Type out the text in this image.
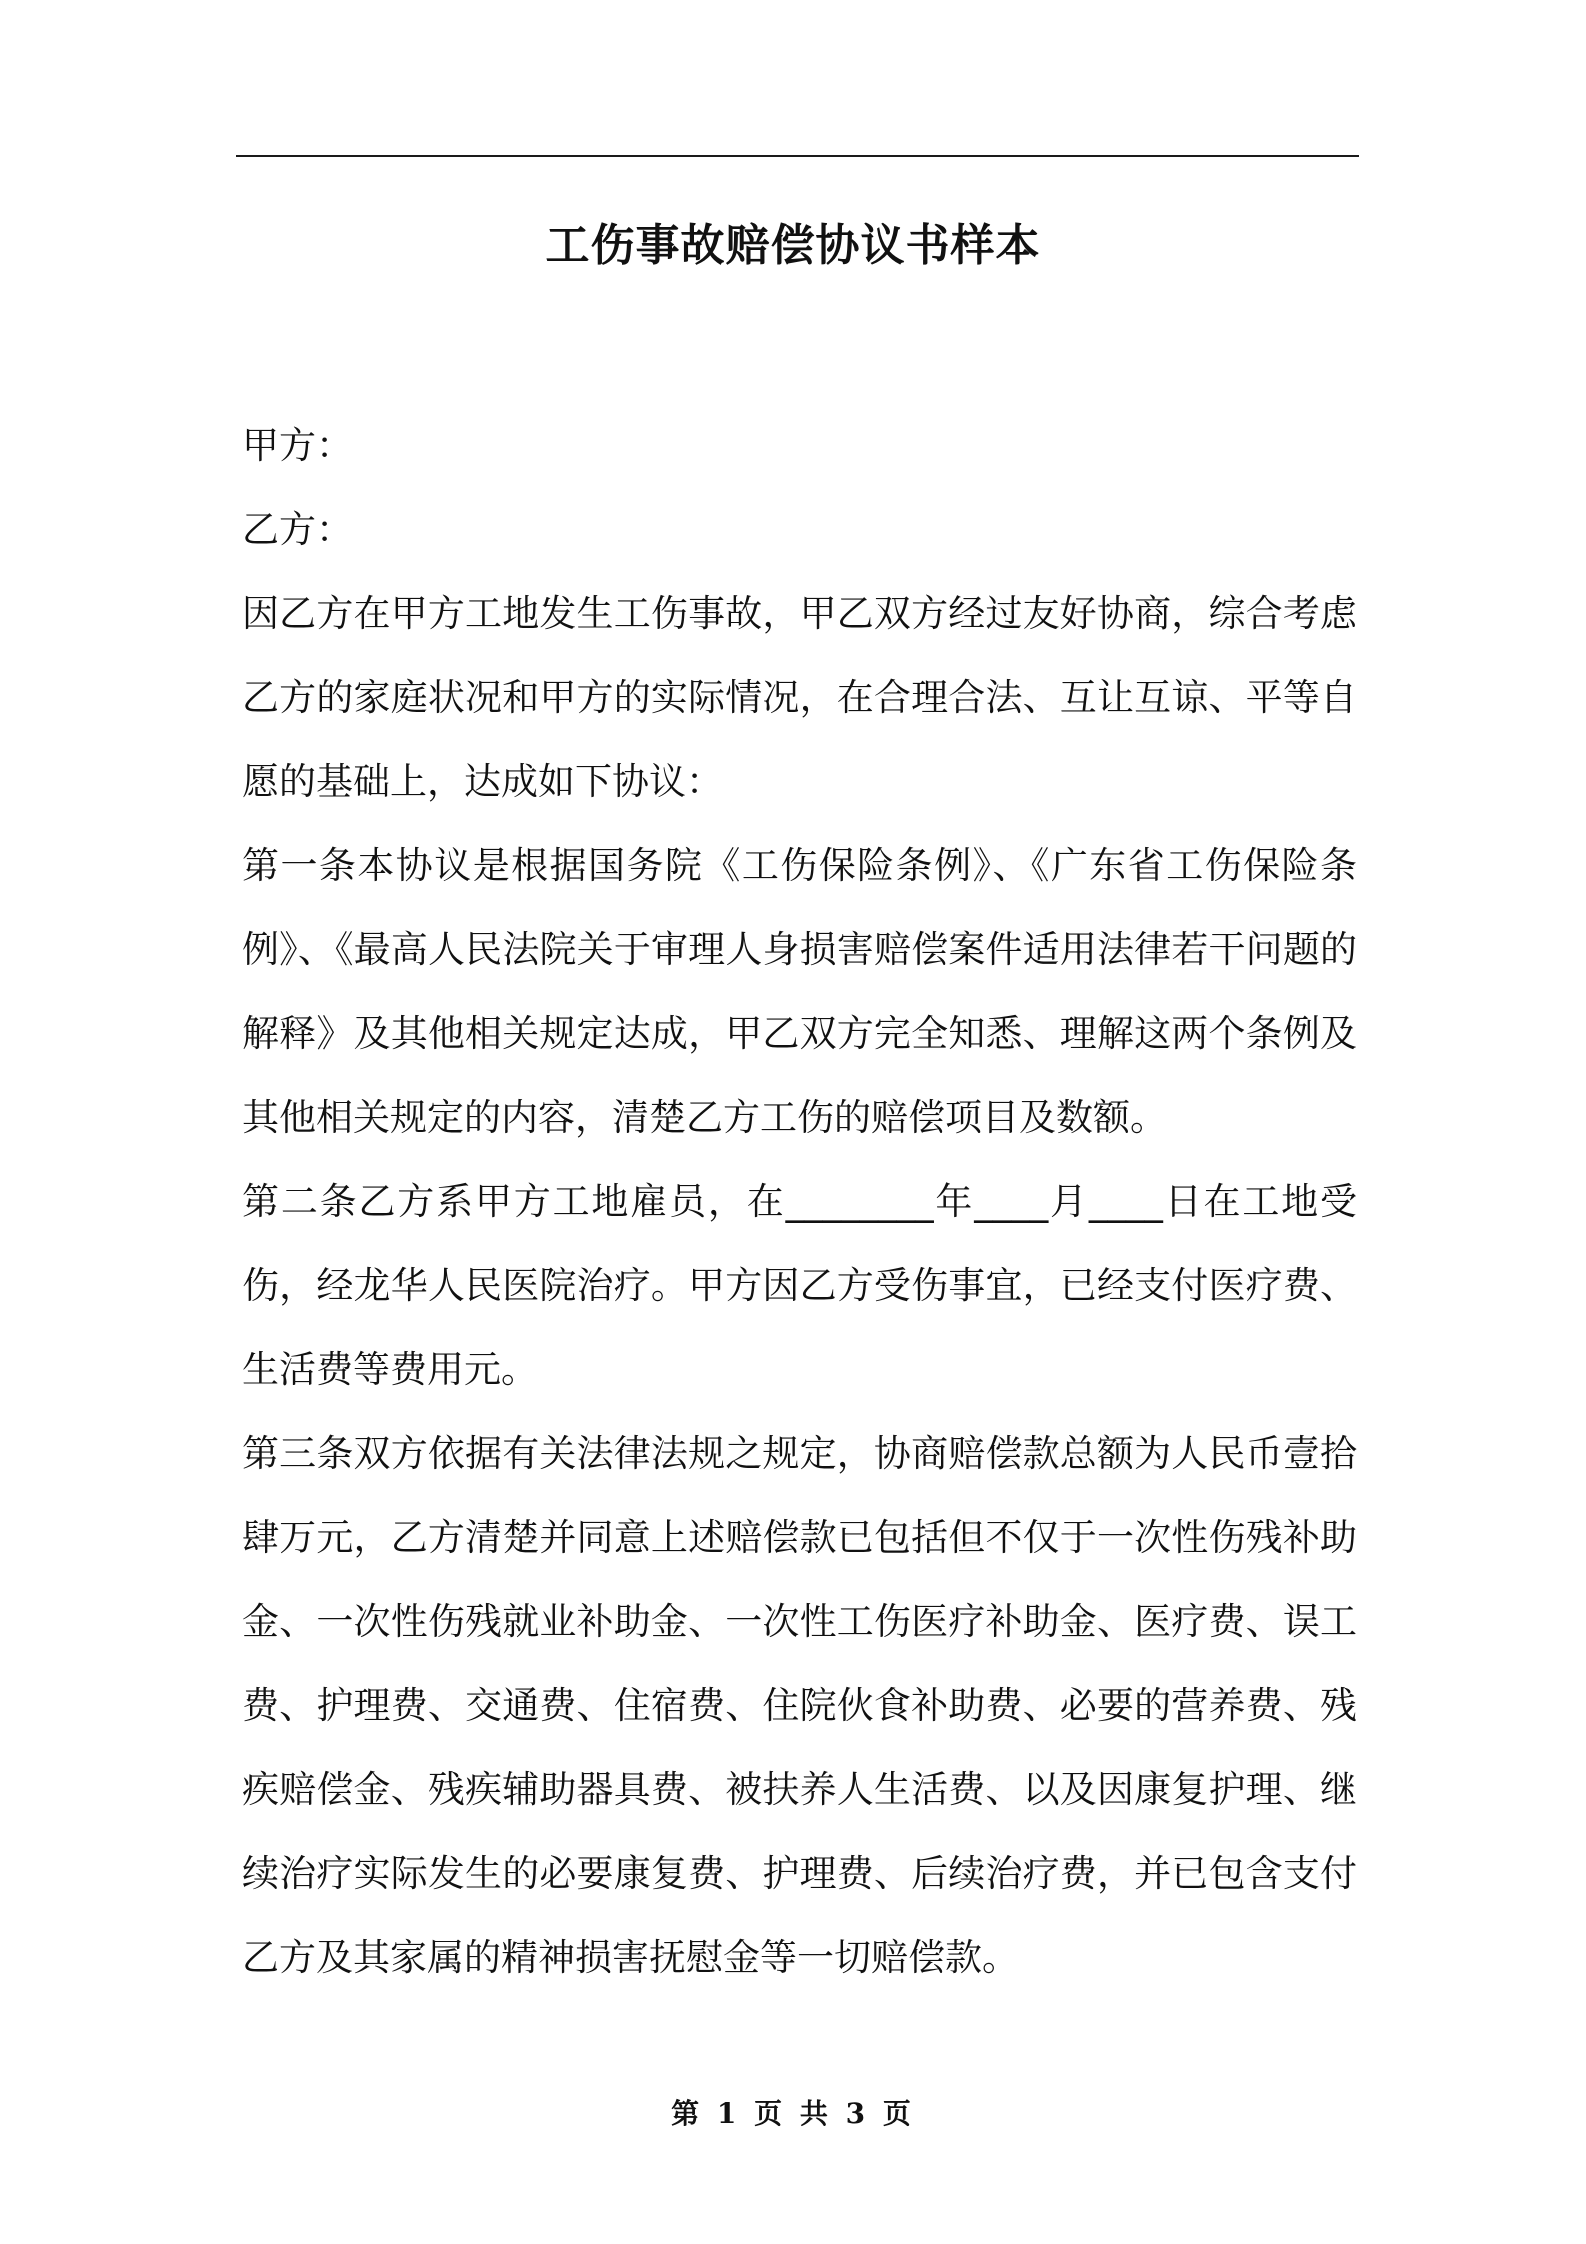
工伤事故赔偿协议书样本

甲方：

乙方：

因乙方在甲方工地发生工伤事故，甲乙双方经过友好协商，综合考虑乙方的家庭状况和甲方的实际情况，在合理合法、互让互谅、平等自愿的基础上，达成如下协议：

第一条本协议是根据国务院《工伤保险条例》、《广东省工伤保险条例》、《最高人民法院关于审理人身损害赔偿案件适用法律若干问题的解释》及其他相关规定达成，甲乙双方完全知悉、理解这两个条例及其他相关规定的内容，清楚乙方工伤的赔偿项目及数额。

第二条乙方系甲方工地雇员，在________年____月____日在工地受伤，经龙华人民医院治疗。甲方因乙方受伤事宜，已经支付医疗费、生活费等费用元。

第三条双方依据有关法律法规之规定，协商赔偿款总额为人民币壹拾肆万元，乙方清楚并同意上述赔偿款已包括但不仅于一次性伤残补助金、一次性伤残就业补助金、一次性工伤医疗补助金、医疗费、误工费、护理费、交通费、住宿费、住院伙食补助费、必要的营养费、残疾赔偿金、残疾辅助器具费、被扶养人生活费、以及因康复护理、继续治疗实际发生的必要康复费、护理费、后续治疗费，并已包含支付乙方及其家属的精神损害抚慰金等一切赔偿款。

第 1 页 共 3 页
